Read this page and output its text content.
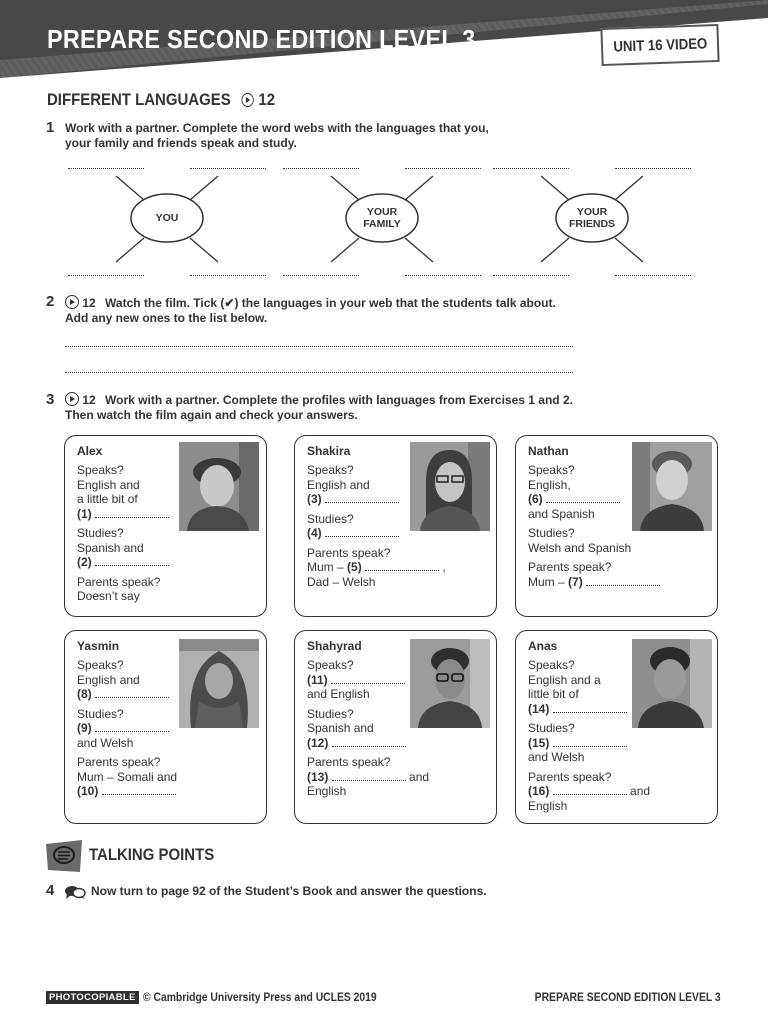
PREPARE SECOND EDITION LEVEL 3	UNIT 16 VIDEO
DIFFERENT LANGUAGES 12
1 Work with a partner. Complete the word webs with the languages that you,
your family and friends speak and study.
YOU	YOUR
FAMILY
YOUR
FRIENDS
2	12 Watch the film. Tick (✔) the languages in your web that the students talk about.
Add any new ones to the list below.
3	12 Work with a partner. Complete the profiles with languages from Exercises 1 and 2.
Then watch the film again and check your answers.
Alex
Speaks?
English and
a little bit of
(1)
Studies?
Spanish and
(2)
Parents speak?
Doesn’t say
Shakira
Speaks?
English and
(3)
Studies?
(4)
Parents speak?
Mum – (5)	,
Dad – Welsh
Nathan
Speaks?
English,
(6)
and Spanish
Studies?
Welsh and Spanish
Parents speak?
Mum – (7)
Yasmin
Speaks?
English and
(8)
Studies?
(9)
and Welsh
Parents speak?
Mum – Somali and
(10)
Shahyrad
Speaks?
(11)
and English
Studies?
Spanish and
(12)
Parents speak?
(13)	and
English
Anas
Speaks?
English and a
little bit of
(14)
Studies?
(15)
and Welsh
Parents speak?
(16)	and
English
TALKING POINTS
4	Now turn to page 92 of the Student’s Book and answer the questions.
PHOTOCOPIABLE © Cambridge University Press and UCLES 2019	PREPARE SECOND EDITION LEVEL 3
